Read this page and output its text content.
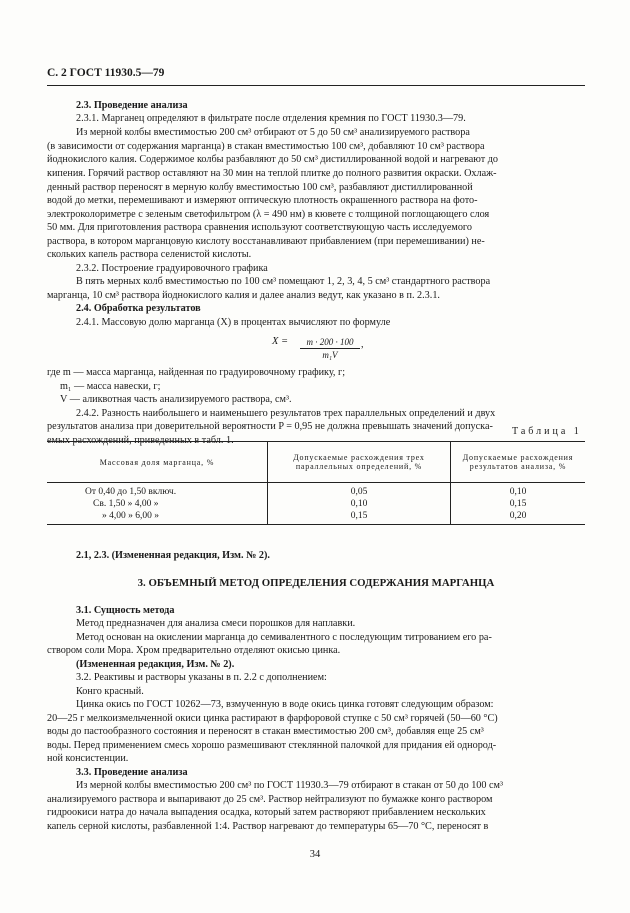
С. 2 ГОСТ 11930.5—79
2.3. Проведение анализа
2.3.1. Марганец определяют в фильтрате после отделения кремния по ГОСТ 11930.3—79.
Из мерной колбы вместимостью 200 см³ отбирают от 5 до 50 см³ анализируемого раствора
(в зависимости от содержания марганца) в стакан вместимостью 100 см³, добавляют 10 см³ раствора
йоднокислого калия. Содержимое колбы разбавляют до 50 см³ дистиллированной водой и нагревают до
кипения. Горячий раствор оставляют на 30 мин на теплой плитке до полного развития окраски. Охлаж-
денный раствор переносят в мерную колбу вместимостью 100 см³, разбавляют дистиллированной
водой до метки, перемешивают и измеряют оптическую плотность окрашенного раствора на фото-
электроколориметре с зеленым светофильтром (λ = 490 нм) в кювете с толщиной поглощающего слоя
50 мм. Для приготовления раствора сравнения используют соответствующую часть исследуемого
раствора, в котором марганцовую кислоту восстанавливают прибавлением (при перемешивании) не-
скольких капель раствора селенистой кислоты.
2.3.2. Построение градуировочного графика
В пять мерных колб вместимостью по 100 см³ помещают 1, 2, 3, 4, 5 см³ стандартного раствора
марганца, 10 см³ раствора йоднокислого калия и далее анализ ведут, как указано в п. 2.3.1.
2.4. Обработка результатов
2.4.1. Массовую долю марганца (X) в процентах вычисляют по формуле
$X = \frac{m \cdot 200 \cdot 100}{\text{m₁V}}$ ,
где m — масса марганца, найденная по градуировочному графику, г;
m₁ — масса навески, г;
V — аликвотная часть анализируемого раствора, см³.
2.4.2. Разность наибольшего и наименьшего результатов трех параллельных определений и двух
результатов анализа при доверительной вероятности P = 0,95 не должна превышать значений допуска-
емых расхождений, приведенных в табл. 1.
Таблица 1
Массовая доля марганца, %	Допускаемые расхождения трех параллельных определений, %	Допускаемые расхождения результатов анализа, %
От 0,40 до 1,50 включ.	0,05	0,10
Св. 1,50 » 4,00 »	0,10	0,15
» 4,00 » 6,00 »	0,15	0,20
2.1, 2.3. (Измененная редакция, Изм. № 2).
3. ОБЪЕМНЫЙ МЕТОД ОПРЕДЕЛЕНИЯ СОДЕРЖАНИЯ МАРГАНЦА
3.1. Сущность метода
Метод предназначен для анализа смеси порошков для наплавки.
Метод основан на окислении марганца до семивалентного с последующим титрованием его ра-
створом соли Мора. Хром предварительно отделяют окисью цинка.
(Измененная редакция, Изм. № 2).
3.2. Реактивы и растворы указаны в п. 2.2 с дополнением:
Конго красный.
Цинка окись по ГОСТ 10262—73, взмученную в воде окись цинка готовят следующим образом:
20—25 г мелкоизмельченной окиси цинка растирают в фарфоровой ступке с 50 см³ горячей (50—60 °С)
воды до пастообразного состояния и переносят в стакан вместимостью 200 см³, добавляя еще 25 см³
воды. Перед применением смесь хорошо размешивают стеклянной палочкой для придания ей однород-
ной консистенции.
3.3. Проведение анализа
Из мерной колбы вместимостью 200 см³ по ГОСТ 11930.3—79 отбирают в стакан от 50 до 100 см³
анализируемого раствора и выпаривают до 25 см³. Раствор нейтрализуют по бумажке конго раствором
гидроокиси натра до начала выпадения осадка, который затем растворяют прибавлением нескольких
капель серной кислоты, разбавленной 1:4. Раствор нагревают до температуры 65—70 °С, переносят в
34
